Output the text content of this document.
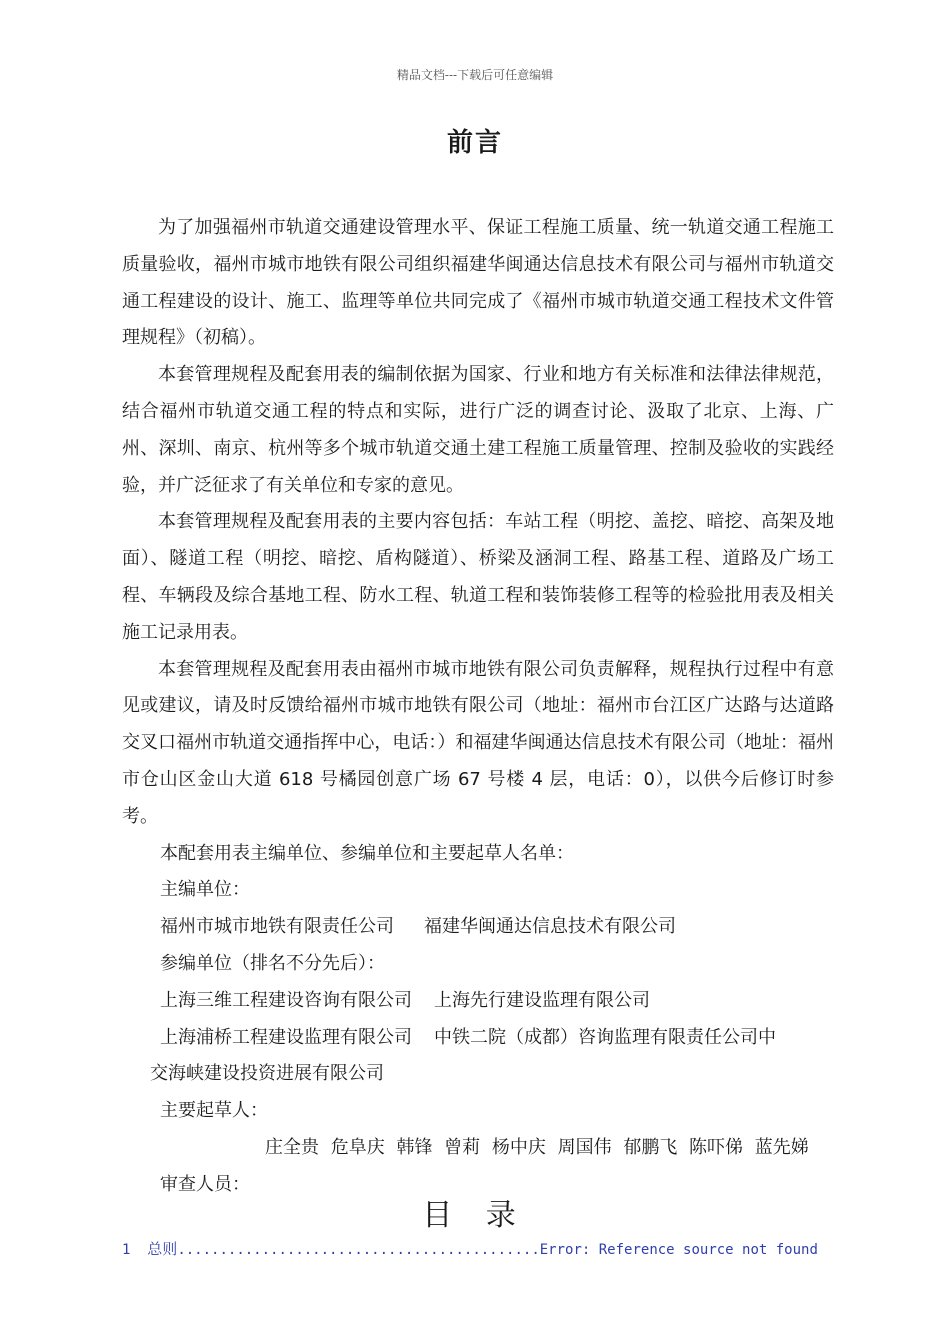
精品文档---下载后可任意编辑
前言

为了加强福州市轨道交通建设管理水平、保证工程施工质量、统一轨道交通工程施工质量验收，福州市城市地铁有限公司组织福建华闽通达信息技术有限公司与福州市轨道交通工程建设的设计、施工、监理等单位共同完成了《福州市城市轨道交通工程技术文件管理规程》（初稿）。

本套管理规程及配套用表的编制依据为国家、行业和地方有关标准和法律法律规范，结合福州市轨道交通工程的特点和实际，进行广泛的调查讨论、汲取了北京、上海、广州、深圳、南京、杭州等多个城市轨道交通土建工程施工质量管理、控制及验收的实践经验，并广泛征求了有关单位和专家的意见。

本套管理规程及配套用表的主要内容包括：车站工程（明挖、盖挖、暗挖、高架及地面）、隧道工程（明挖、暗挖、盾构隧道）、桥梁及涵洞工程、路基工程、道路及广场工程、车辆段及综合基地工程、防水工程、轨道工程和装饰装修工程等的检验批用表及相关施工记录用表。

本套管理规程及配套用表由福州市城市地铁有限公司负责解释，规程执行过程中有意见或建议，请及时反馈给福州市城市地铁有限公司（地址：福州市台江区广达路与达道路交叉口福州市轨道交通指挥中心，电话：）和福建华闽通达信息技术有限公司（地址：福州市仓山区金山大道 618 号橘园创意广场 67 号楼 4 层，电话：0），以供今后修订时参考。

本配套用表主编单位、参编单位和主要起草人名单：
主编单位：
福州市城市地铁有限责任公司 福建华闽通达信息技术有限公司
参编单位（排名不分先后）：
上海三维工程建设咨询有限公司 上海先行建设监理有限公司
上海浦桥工程建设监理有限公司 中铁二院（成都）咨询监理有限责任公司中
交海峡建设投资进展有限公司
主要起草人：
庄全贵 危阜庆 韩锋 曾莉 杨中庆 周国伟 郁鹏飞 陈吓俤 蓝先娣
审查人员：
目 录
1 总则...........................................Error: Reference source not found
